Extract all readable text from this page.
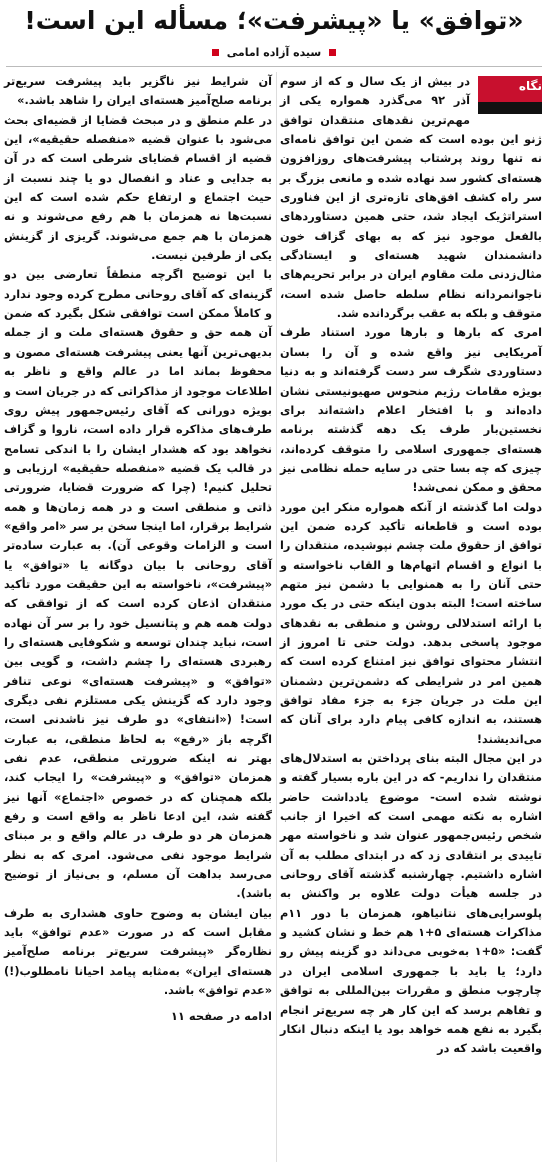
«توافق» یا «پیشرفت»؛ مسأله این است!
سیده آزاده امامی
نگاه

در بیش از یک سال و که از سوم آذر ۹۲ می‌گذرد همواره یکی از مهم‌ترین نقدهای منتقدان توافق ژنو این بوده است که ضمن این توافق نامه‌ای نه تنها روند پرشتاب پیشرفت‌های روزافزون هسته‌ای کشور سد نهاده شده و مانعی بزرگ بر سر راه کشف افق‌های تازه‌تری از این فناوری استراتژیک ایجاد شد، حتی همین دستاوردهای بالفعل موجود نیز که به بهای گزاف خون دانشمندان شهید هسته‌ای و ایستادگی مثال‌زدنی ملت مقاوم ایران در برابر تحریم‌های ناجوانمردانه نظام سلطه حاصل شده است، متوقف و بلکه به عقب برگردانده شد.

امری که بارها و بارها مورد استناد طرف آمریکایی نیز واقع شده و آن را بسان دستاوردی شگرف سر دست گرفته‌اند و به دنیا بویژه مقامات رژیم منحوس صهیونیستی نشان داده‌اند و با افتخار اعلام داشته‌اند برای نخستین‌بار طرف یک دهه گذشته برنامه هسته‌ای جمهوری اسلامی را متوقف کرده‌اند، چیزی که چه بسا حتی در سایه حمله نظامی نیز محقق و ممکن نمی‌شد!

دولت اما گذشته از آنکه همواره منکر این مورد بوده است و قاطعانه تأکید کرده ضمن این توافق از حقوق ملت چشم نپوشیده، منتقدان را با انواع و اقسام اتهام‌ها و القاب ناخواسته و حتی آنان را به همنوایی با دشمن نیز متهم ساخته است! البته بدون اینکه حتی در یک مورد با ارائه استدلالی روشن و منطقی به نقدهای موجود پاسخی بدهد. دولت حتی تا امروز از انتشار محتوای توافق نیز امتناع کرده است که همین امر در شرایطی که دشمن‌ترین دشمنان این ملت در جریان جزء به جزء مفاد توافق هستند، به اندازه کافی پیام دارد برای آنان که می‌اندیشند!

در این مجال البته بنای پرداختن به استدلال‌های منتقدان را نداریم- که در این باره بسیار گفته و نوشته شده است- موضوع یادداشت حاضر اشاره به نکته مهمی است که اخیرا از جانب شخص رئیس‌جمهور عنوان شد و ناخواسته مهر تاییدی بر انتقادی زد که در ابتدای مطلب به آن اشاره داشتیم. چهارشنبه گذشته آقای روحانی در جلسه هیأت دولت علاوه بر واکنش به پلوسرایی‌های نتانیاهو، همزمان با دور ۱۱م مذاکرات هسته‌ای ۵+۱ هم خط و نشان کشید و گفت: «۵+۱ به‌خوبی می‌داند دو گزینه پیش رو دارد؛ یا باید با جمهوری اسلامی ایران در چارچوب منطق و مقررات بین‌المللی به توافق و تفاهم برسد که این کار هر چه سریع‌تر انجام بگیرد به نفع همه خواهد بود یا اینکه دنبال انکار واقعیت باشد که در

آن شرایط نیز ناگزیر باید پیشرفت سریع‌تر برنامه صلح‌آمیز هسته‌ای ایران را شاهد باشد.»

در علم منطق و در مبحث قضایا از قضیه‌ای بحث می‌شود با عنوان قضیه «منفصله حقیقیه»، این قضیه از اقسام قضایای شرطی است که در آن به جدایی و عناد و انفصال دو یا چند نسبت از حیث اجتماع و ارتفاع حکم شده است که این نسبت‌ها نه همزمان با هم رفع می‌شوند و نه همزمان با هم جمع می‌شوند. گریزی از گزینش یکی از طرفین نیست.

با این توضیح اگرچه منطقاً تعارضی بین دو گزینه‌ای که آقای روحانی مطرح کرده وجود ندارد و کاملاً ممکن است توافقی شکل بگیرد که ضمن آن همه حق و حقوق هسته‌ای ملت و از جمله بدیهی‌ترین آنها یعنی پیشرفت هسته‌ای مصون و محفوظ بماند اما در عالم واقع و ناظر به اطلاعات موجود از مذاکراتی که در جریان است و بویژه دورانی که آقای رئیس‌جمهور پیش روی طرف‌های مذاکره قرار داده است، ناروا و گزاف نخواهد بود که هشدار ایشان را با اندکی تسامح در قالب یک قضیه «منفصله حقیقیه» ارزیابی و تحلیل کنیم! (چرا که ضرورت قضایا، ضرورتی ذاتی و منطقی است و در همه زمان‌ها و همه شرایط برقرار، اما اینجا سخن بر سر «امر واقع» است و الزامات وقوعی آن). به عبارت ساده‌تر آقای روحانی با بیان دوگانه یا «توافق» یا «پیشرفت»، ناخواسته به این حقیقت مورد تأکید منتقدان اذعان کرده است که از توافقی که دولت همه هم و پتانسیل خود را بر سر آن نهاده است، نباید چندان توسعه و شکوفایی هسته‌ای را رهبردی هسته‌ای را چشم داشت، و گویی بین «توافق» و «پیشرفت هسته‌ای» نوعی تنافر وجود دارد که گزینش یکی مستلزم نفی دیگری است! («انتفای» دو طرف نیز ناشدنی است، اگرچه باز «رفع» به لحاظ منطقی، به عبارت بهتر نه اینکه ضرورتی منطقی، عدم نفی همزمان «توافق» و «پیشرفت» را ایجاب کند، بلکه همچنان که در خصوص «اجتماع» آنها نیز گفته شد، این ادعا ناظر به واقع است و رفع همزمان هر دو طرف در عالم واقع و بر مبنای شرایط موجود نفی می‌شود. امری که به نظر می‌رسد بداهت آن مسلم، و بی‌نیاز از توضیح باشد).

بیان ایشان به وضوح حاوی هشداری به طرف مقابل است که در صورت «عدم توافق» باید نظاره‌گر «پیشرفت سریع‌تر برنامه صلح‌آمیز هسته‌ای ایران» به‌مثابه پیامد احیانا نامطلوب(!) «عدم توافق» باشد.

ادامه در صفحه ۱۱
